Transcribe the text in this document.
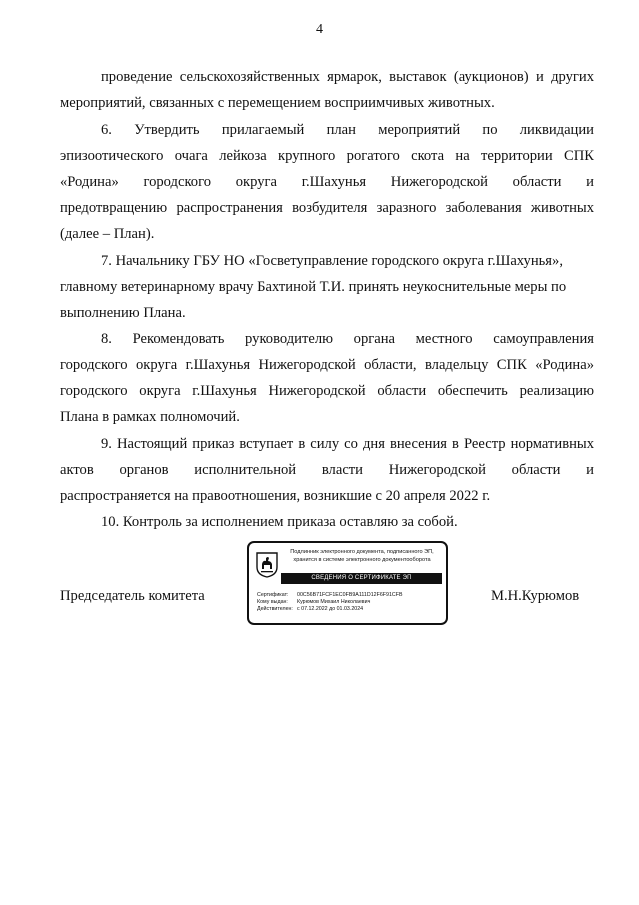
4
проведение сельскохозяйственных ярмарок, выставок (аукционов) и других
мероприятий, связанных с перемещением восприимчивых животных.
6. Утвердить прилагаемый план мероприятий по ликвидации
эпизоотического очага лейкоза крупного рогатого скота на территории СПК
«Родина» городского округа г.Шахунья Нижегородской области и
предотвращению распространения возбудителя заразного заболевания животных
(далее – План).
7. Начальнику ГБУ НО «Госветуправление городского округа г.Шахунья»,
главному ветеринарному врачу Бахтиной Т.И. принять неукоснительные меры по
выполнению Плана.
8. Рекомендовать руководителю органа местного самоуправления
городского округа г.Шахунья Нижегородской области, владельцу СПК «Родина»
городского округа г.Шахунья Нижегородской области обеспечить реализацию
Плана в рамках полномочий.
9. Настоящий приказ вступает в силу со дня внесения в Реестр нормативных
актов органов исполнительной власти Нижегородской области и
распространяется на правоотношения, возникшие с 20 апреля 2022 г.
10. Контроль за исполнением приказа оставляю за собой.
Председатель комитета
Подлинник электронного документа, подписанного ЭП,
хранится в системе электронного документооборота
СВЕДЕНИЯ О СЕРТИФИКАТЕ ЭП
Сертификат: 00C56B71FCF1EC0FB9A111D12F6F91CFB
Кому выдан: Курюмов Михаил Николаевич
Действителен: с 07.12.2022 до 01.03.2024
М.Н.Курюмов
